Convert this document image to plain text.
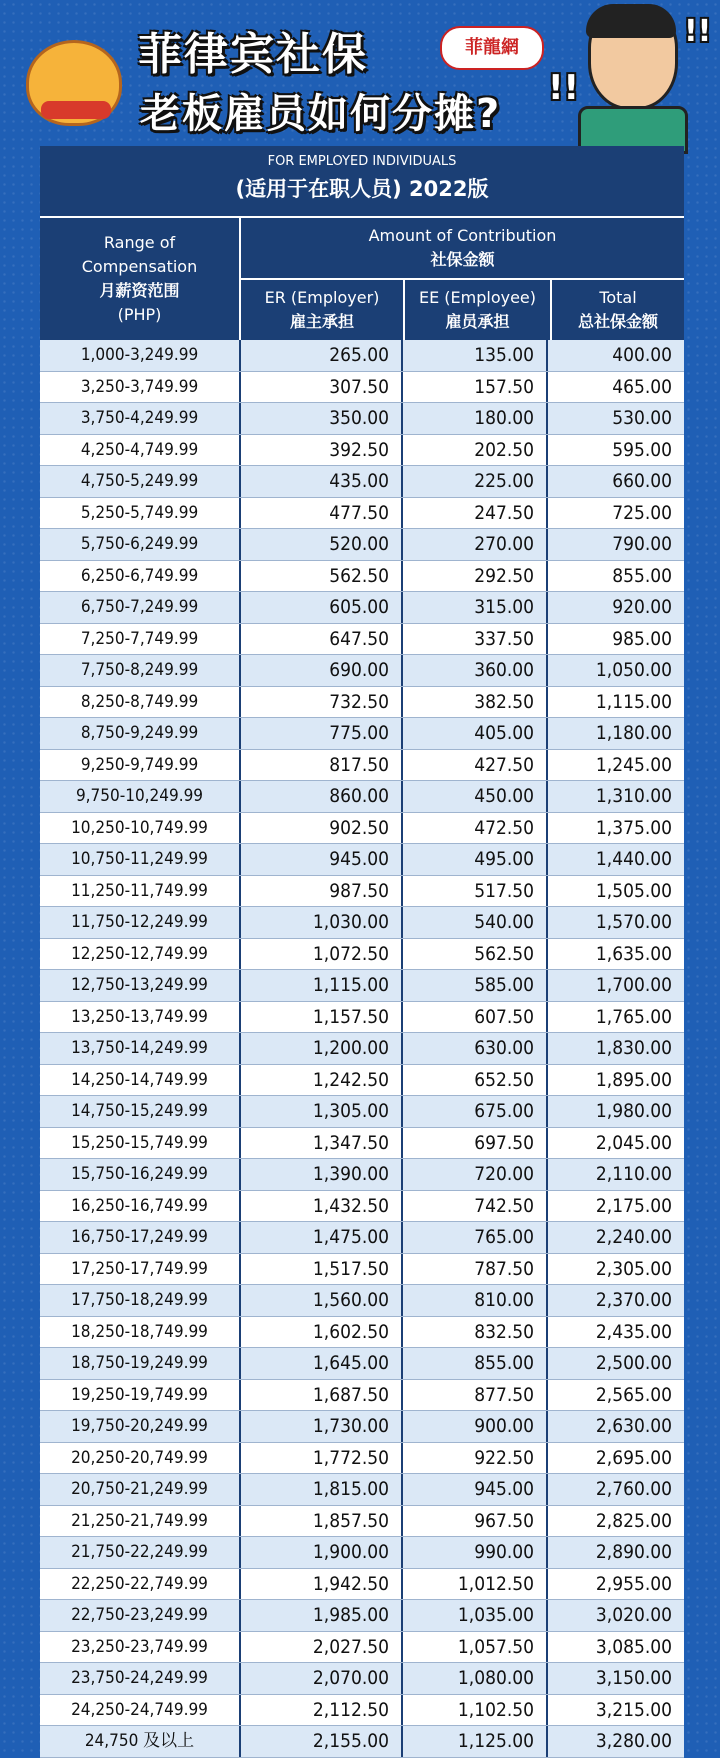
菲律宾社保	菲龍網
老板雇员如何分摊?
!!
!!
FOR EMPLOYED INDIVIDUALS
(适用于在职人员) 2022版
Range of
Compensation
月薪资范围
(PHP)
Amount of Contribution
社保金额
ER (Employer)
雇主承担
EE (Employee)
雇员承担
Total
总社保金额
1,000-3,249.99	265.00	135.00	400.00
3,250-3,749.99	307.50	157.50	465.00
3,750-4,249.99	350.00	180.00	530.00
4,250-4,749.99	392.50	202.50	595.00
4,750-5,249.99	435.00	225.00	660.00
5,250-5,749.99	477.50	247.50	725.00
5,750-6,249.99	520.00	270.00	790.00
6,250-6,749.99	562.50	292.50	855.00
6,750-7,249.99	605.00	315.00	920.00
7,250-7,749.99	647.50	337.50	985.00
7,750-8,249.99	690.00	360.00	1,050.00
8,250-8,749.99	732.50	382.50	1,115.00
8,750-9,249.99	775.00	405.00	1,180.00
9,250-9,749.99	817.50	427.50	1,245.00
9,750-10,249.99	860.00	450.00	1,310.00
10,250-10,749.99	902.50	472.50	1,375.00
10,750-11,249.99	945.00	495.00	1,440.00
11,250-11,749.99	987.50	517.50	1,505.00
11,750-12,249.99	1,030.00	540.00	1,570.00
12,250-12,749.99	1,072.50	562.50	1,635.00
12,750-13,249.99	1,115.00	585.00	1,700.00
13,250-13,749.99	1,157.50	607.50	1,765.00
13,750-14,249.99	1,200.00	630.00	1,830.00
14,250-14,749.99	1,242.50	652.50	1,895.00
14,750-15,249.99	1,305.00	675.00	1,980.00
15,250-15,749.99	1,347.50	697.50	2,045.00
15,750-16,249.99	1,390.00	720.00	2,110.00
16,250-16,749.99	1,432.50	742.50	2,175.00
16,750-17,249.99	1,475.00	765.00	2,240.00
17,250-17,749.99	1,517.50	787.50	2,305.00
17,750-18,249.99	1,560.00	810.00	2,370.00
18,250-18,749.99	1,602.50	832.50	2,435.00
18,750-19,249.99	1,645.00	855.00	2,500.00
19,250-19,749.99	1,687.50	877.50	2,565.00
19,750-20,249.99	1,730.00	900.00	2,630.00
20,250-20,749.99	1,772.50	922.50	2,695.00
20,750-21,249.99	1,815.00	945.00	2,760.00
21,250-21,749.99	1,857.50	967.50	2,825.00
21,750-22,249.99	1,900.00	990.00	2,890.00
22,250-22,749.99	1,942.50	1,012.50	2,955.00
22,750-23,249.99	1,985.00	1,035.00	3,020.00
23,250-23,749.99	2,027.50	1,057.50	3,085.00
23,750-24,249.99	2,070.00	1,080.00	3,150.00
24,250-24,749.99	2,112.50	1,102.50	3,215.00
24,750 及以上	2,155.00	1,125.00	3,280.00
